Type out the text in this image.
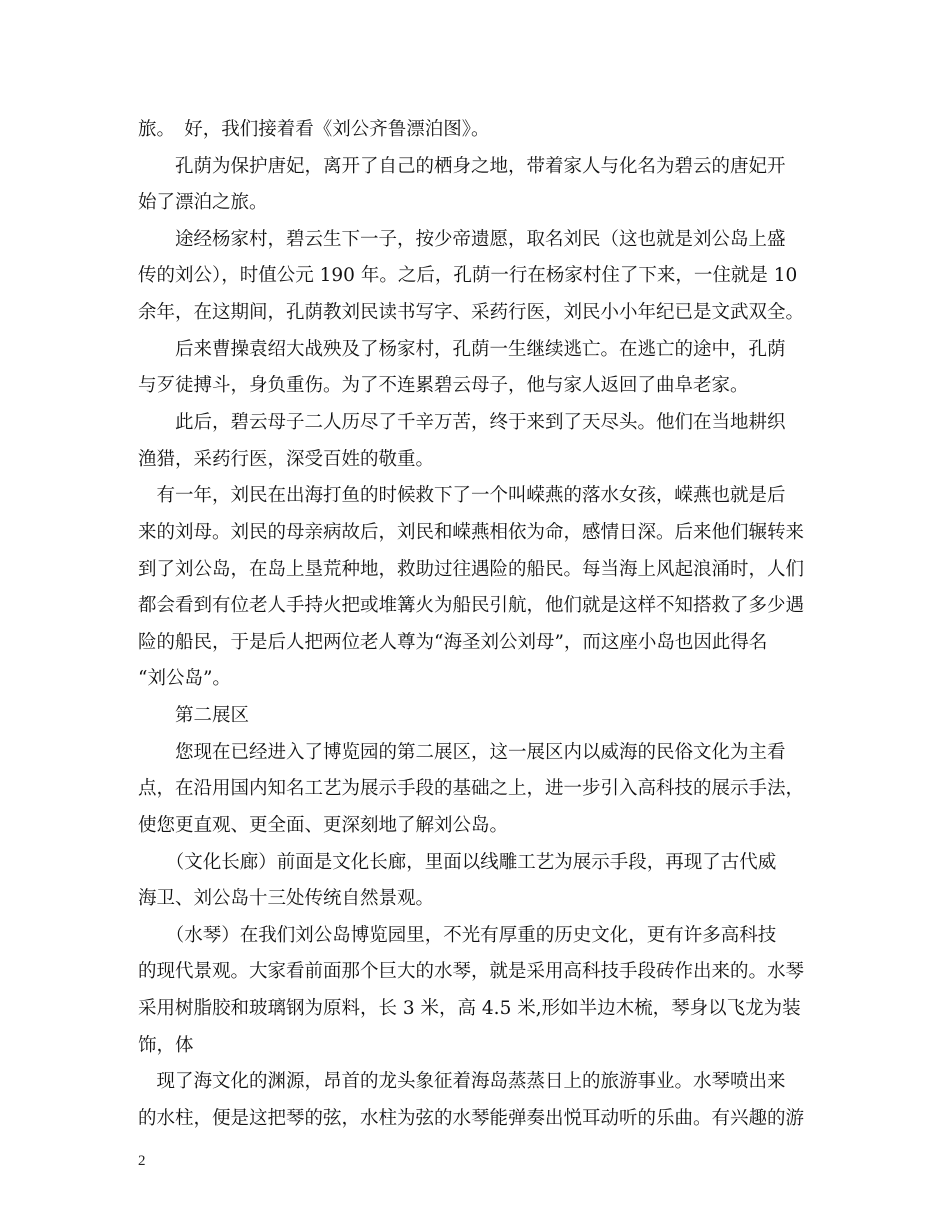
旅。　好，我们接着看《刘公齐鲁漂泊图》。
　　孔荫为保护唐妃，离开了自己的栖身之地，带着家人与化名为碧云的唐妃开
始了漂泊之旅。
　　途经杨家村，碧云生下一子，按少帝遗愿，取名刘民（这也就是刘公岛上盛
传的刘公），时值公元 190 年。之后，孔荫一行在杨家村住了下来，一住就是 10
余年，在这期间，孔荫教刘民读书写字、采药行医，刘民小小年纪已是文武双全。
　　后来曹操袁绍大战殃及了杨家村，孔荫一生继续逃亡。在逃亡的途中，孔荫
与歹徒搏斗，身负重伤。为了不连累碧云母子，他与家人返回了曲阜老家。
　　此后，碧云母子二人历尽了千辛万苦，终于来到了天尽头。他们在当地耕织
渔猎，采药行医，深受百姓的敬重。
　有一年，刘民在出海打鱼的时候救下了一个叫嵘燕的落水女孩，嵘燕也就是后
来的刘母。刘民的母亲病故后，刘民和嵘燕相依为命，感情日深。后来他们辗转来
到了刘公岛，在岛上垦荒种地，救助过往遇险的船民。每当海上风起浪涌时，人们
都会看到有位老人手持火把或堆篝火为船民引航，他们就是这样不知搭救了多少遇
险的船民，于是后人把两位老人尊为“海圣刘公刘母”，而这座小岛也因此得名
“刘公岛”。
　　第二展区
　　您现在已经进入了博览园的第二展区，这一展区内以威海的民俗文化为主看
点，在沿用国内知名工艺为展示手段的基础之上，进一步引入高科技的展示手法，
使您更直观、更全面、更深刻地了解刘公岛。
　　（文化长廊）前面是文化长廊，里面以线雕工艺为展示手段，再现了古代威
海卫、刘公岛十三处传统自然景观。
　　（水琴）在我们刘公岛博览园里，不光有厚重的历史文化，更有许多高科技
的现代景观。大家看前面那个巨大的水琴，就是采用高科技手段砖作出来的。水琴
采用树脂胶和玻璃钢为原料，长 3 米，高 4.5 米,形如半边木梳，琴身以飞龙为装
饰，体
　现了海文化的渊源，昂首的龙头象征着海岛蒸蒸日上的旅游事业。水琴喷出来
的水柱，便是这把琴的弦，水柱为弦的水琴能弹奏出悦耳动听的乐曲。有兴趣的游
2
